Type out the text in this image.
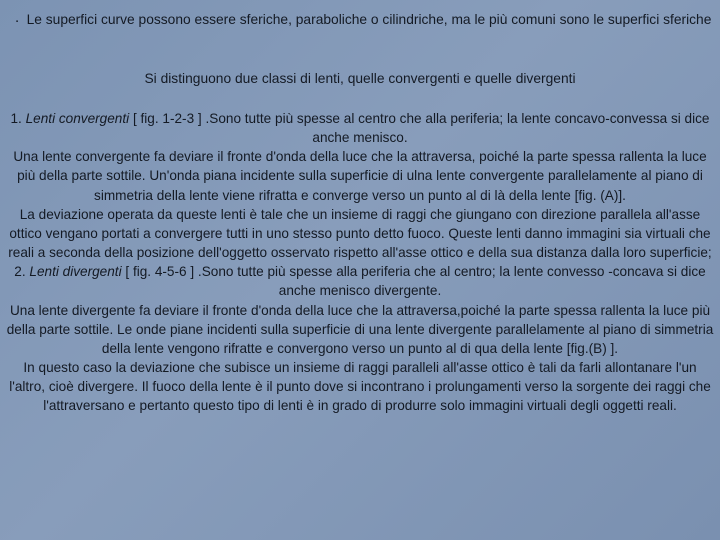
. Le superfici curve possono essere sferiche, paraboliche o cilindriche, ma le più comuni sono le superfici sferiche
Si distinguono due classi di lenti, quelle convergenti e quelle divergenti

1. Lenti convergenti [ fig. 1-2-3 ] .Sono tutte più spesse al centro che alla periferia; la lente concavo-convessa si dice anche menisco.

Una lente convergente fa deviare il fronte d'onda della luce che la attraversa, poiché la parte spessa rallenta la luce più della parte sottile. Un'onda piana incidente sulla superficie di ulna lente convergente parallelamente al piano di simmetria della lente viene rifratta e converge verso un punto al di là della lente [fig. (A)].

La deviazione operata da queste lenti è tale che un insieme di raggi che giungano con direzione parallela all'asse ottico vengano portati a convergere tutti in uno stesso punto detto fuoco. Queste lenti danno immagini sia virtuali che reali a seconda della posizione dell'oggetto osservato rispetto all'asse ottico e della sua distanza dalla loro superficie;

2. Lenti divergenti [ fig. 4-5-6 ] .Sono tutte più spesse alla periferia che al centro; la lente convesso -concava si dice anche menisco divergente.

Una lente divergente fa deviare il fronte d'onda della luce che la attraversa,poiché la parte spessa rallenta la luce più della parte sottile. Le onde piane incidenti sulla superficie di una lente divergente parallelamente al piano di simmetria della lente vengono rifratte e convergono verso un punto al di qua della lente [fig.(B) ].

In questo caso la deviazione che subisce un insieme di raggi paralleli all'asse ottico è tali da farli allontanare l'un l'altro, cioè divergere. Il fuoco della lente è il punto dove si incontrano i prolungamenti verso la sorgente dei raggi che l'attraversano e pertanto questo tipo di lenti è in grado di produrre solo immagini virtuali degli oggetti reali.
